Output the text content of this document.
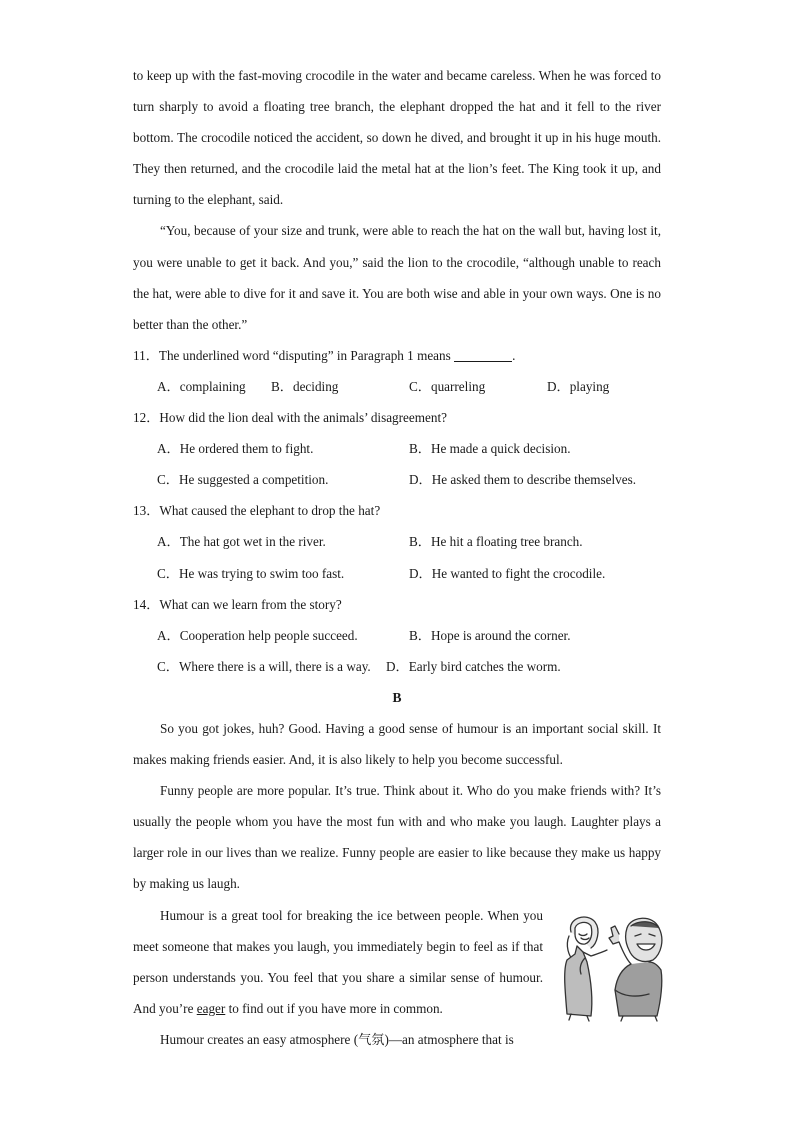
to keep up with the fast-moving crocodile in the water and became careless. When he was forced to turn sharply to avoid a floating tree branch, the elephant dropped the hat and it fell to the river bottom. The crocodile noticed the accident, so down he dived, and brought it up in his huge mouth. They then returned, and the crocodile laid the metal hat at the lion’s feet. The King took it up, and turning to the elephant, said.

“You, because of your size and trunk, were able to reach the hat on the wall but, having lost it, you were unable to get it back. And you,” said the lion to the crocodile, “although unable to reach the hat, were able to dive for it and save it. You are both wise and able in your own ways. One is no better than the other.”

11．The underlined word “disputing” in Paragraph 1 means	.

A．complaining B．deciding	C．quarreling	D．playing

12．How did the lion deal with the animals’ disagreement?

A．He ordered them to fight.	B．He made a quick decision.
C．He suggested a competition.	D．He asked them to describe themselves.

13．What caused the elephant to drop the hat?

A．The hat got wet in the river.	B．He hit a floating tree branch.
C．He was trying to swim too fast.	D．He wanted to fight the crocodile.

14．What can we learn from the story?

A．Cooperation help people succeed.	B．Hope is around the corner.
C．Where there is a will, there is a way. D．Early bird catches the worm.

B

So you got jokes, huh? Good. Having a good sense of humour is an important social skill. It makes making friends easier. And, it is also likely to help you become successful.

Funny people are more popular. It’s true. Think about it. Who do you make friends with? It’s usually the people whom you have the most fun with and who make you laugh. Laughter plays a larger role in our lives than we realize. Funny people are easier to like because they make us happy by making us laugh.

Humour is a great tool for breaking the ice between people. When you meet someone that makes you laugh, you immediately begin to feel as if that person understands you. You feel that you share a similar sense of humour. And you’re eager to find out if you have more in common.

Humour creates an easy atmosphere (气氛)—an atmosphere that is
